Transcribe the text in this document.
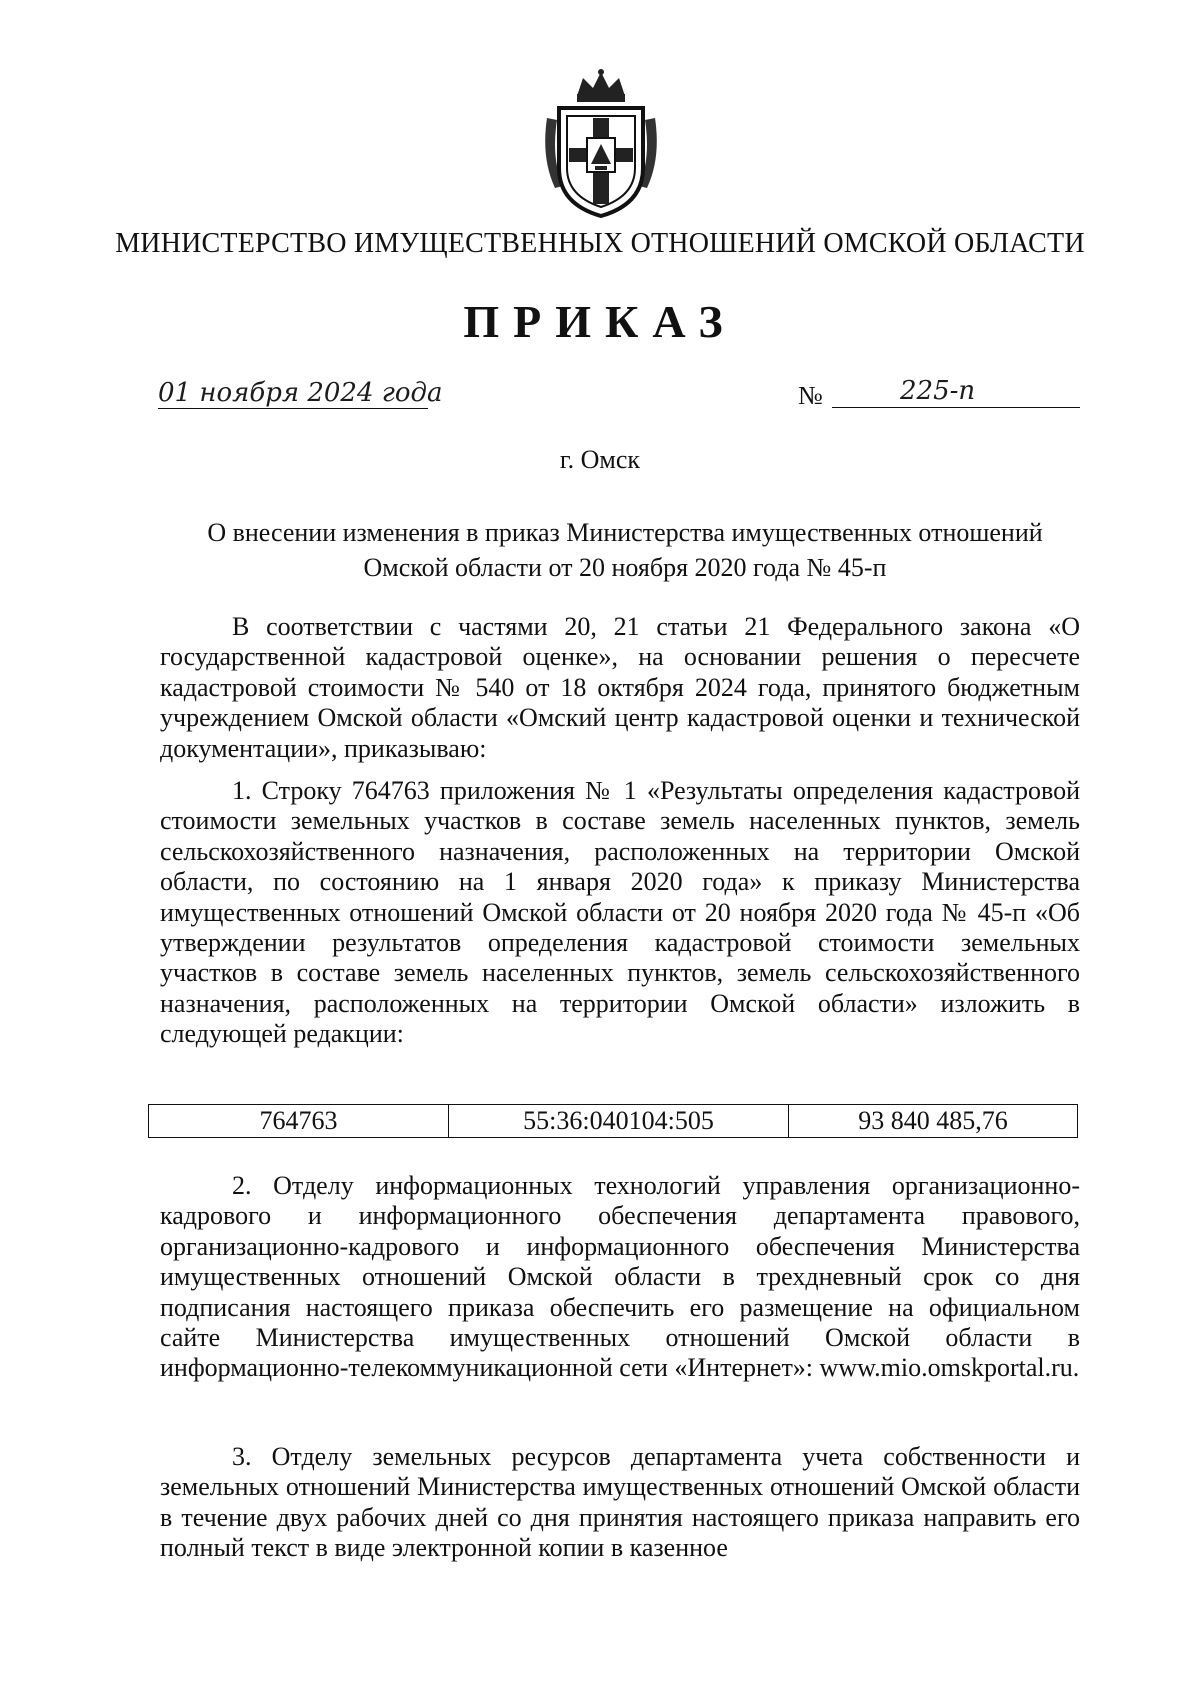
МИНИСТЕРСТВО ИМУЩЕСТВЕННЫХ ОТНОШЕНИЙ ОМСКОЙ ОБЛАСТИ
ПРИКАЗ
01 ноября 2024 года	№	225-п
г. Омск
О внесении изменения в приказ Министерства имущественных отношений
Омской области от 20 ноября 2020 года № 45-п
В соответствии с частями 20, 21 статьи 21 Федерального закона «О государственной кадастровой оценке», на основании решения о пересчете кадастровой стоимости № 540 от 18 октября 2024 года, принятого бюджетным учреждением Омской области «Омский центр кадастровой оценки и технической документации», приказываю:
1. Строку 764763 приложения № 1 «Результаты определения кадастровой стоимости земельных участков в составе земель населенных пунктов, земель сельскохозяйственного назначения, расположенных на территории Омской области, по состоянию на 1 января 2020 года» к приказу Министерства имущественных отношений Омской области от 20 ноября 2020 года № 45-п «Об утверждении результатов определения кадастровой стоимости земельных участков в составе земель населенных пунктов, земель сельскохозяйственного назначения, расположенных на территории Омской области» изложить в следующей редакции:
764763	55:36:040104:505	93 840 485,76
2. Отделу информационных технологий управления организационно-кадрового и информационного обеспечения департамента правового, организационно-кадрового и информационного обеспечения Министерства имущественных отношений Омской области в трехдневный срок со дня подписания настоящего приказа обеспечить его размещение на официальном сайте Министерства имущественных отношений Омской области в информационно-телекоммуникационной сети «Интернет»: www.mio.omskportal.ru.
3. Отделу земельных ресурсов департамента учета собственности и земельных отношений Министерства имущественных отношений Омской области в течение двух рабочих дней со дня принятия настоящего приказа направить его полный текст в виде электронной копии в казенное
